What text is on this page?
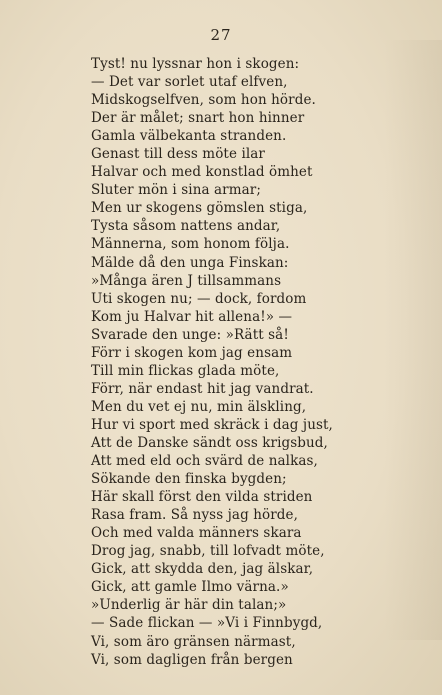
27
Tyst! nu lyssnar hon i skogen:
— Det var sorlet utaf elfven,
Midskogselfven, som hon hörde.
Der är målet; snart hon hinner
Gamla välbekanta stranden.
Genast till dess möte ilar
Halvar och med konstlad ömhet
Sluter mön i sina armar;
Men ur skogens gömslen stiga,
Tysta såsom nattens andar,
Männerna, som honom följa.
Mälde då den unga Finskan:
»Många ären J tillsammans
Uti skogen nu; — dock, fordom
Kom ju Halvar hit allena!» —
Svarade den unge: »Rätt så!
Förr i skogen kom jag ensam
Till min flickas glada möte,
Förr, när endast hit jag vandrat.
Men du vet ej nu, min älskling,
Hur vi sport med skräck i dag just,
Att de Danske sändt oss krigsbud,
Att med eld och svärd de nalkas,
Sökande den finska bygden;
Här skall först den vilda striden
Rasa fram. Så nyss jag hörde,
Och med valda männers skara
Drog jag, snabb, till lofvadt möte,
Gick, att skydda den, jag älskar,
Gick, att gamle Ilmo värna.»
»Underlig är här din talan;»
— Sade flickan — »Vi i Finnbygd,
Vi, som äro gränsen närmast,
Vi, som dagligen från bergen
